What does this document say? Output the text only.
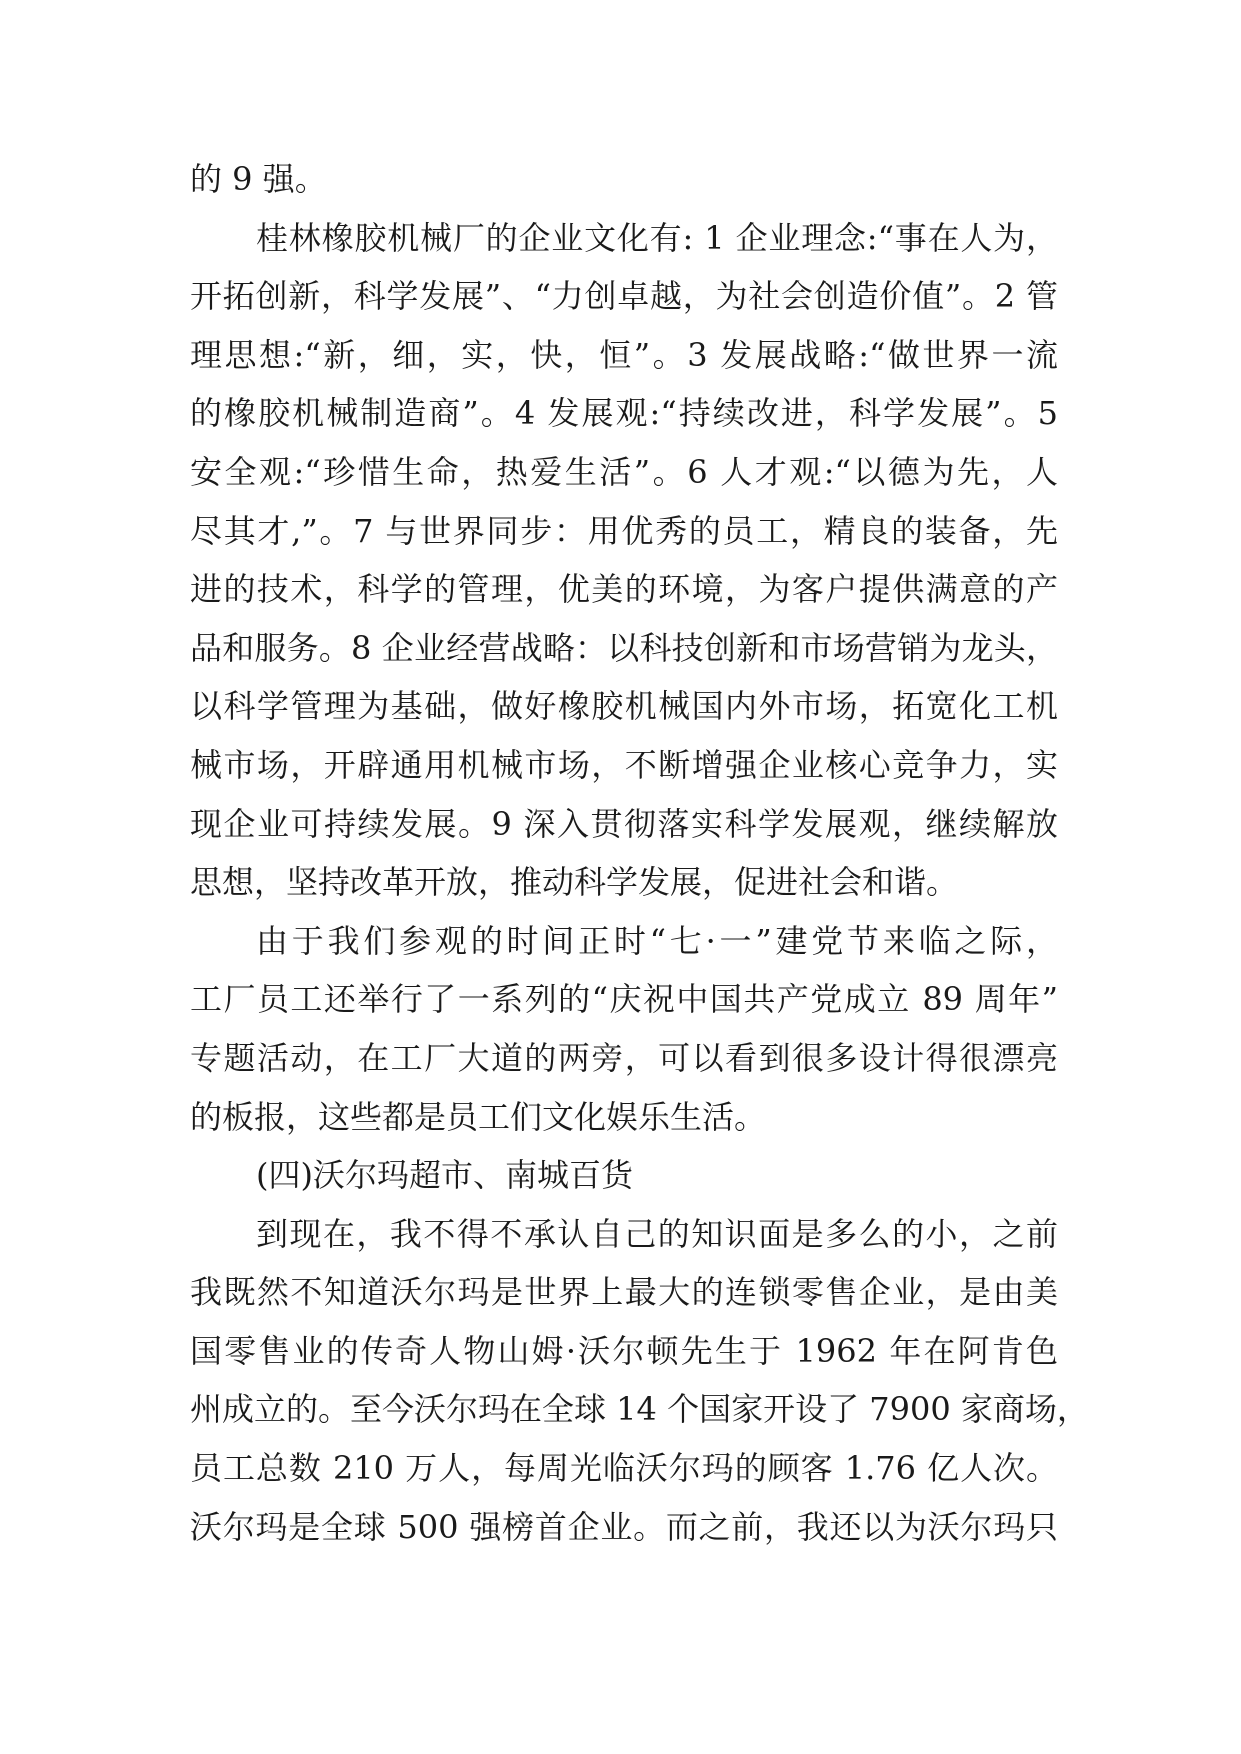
的 9 强。
桂林橡胶机械厂的企业文化有: 1 企业理念:“事在人为，
开拓创新，科学发展”、“力创卓越，为社会创造价值”。2 管
理思想:“新，细，实，快，恒”。3 发展战略:“做世界一流
的橡胶机械制造商”。4 发展观:“持续改进，科学发展”。5
安全观:“珍惜生命，热爱生活”。6 人才观:“以德为先，人
尽其才,”。7 与世界同步：用优秀的员工，精良的装备，先
进的技术，科学的管理，优美的环境，为客户提供满意的产
品和服务。8 企业经营战略：以科技创新和市场营销为龙头，
以科学管理为基础，做好橡胶机械国内外市场，拓宽化工机
械市场，开辟通用机械市场，不断增强企业核心竞争力，实
现企业可持续发展。9 深入贯彻落实科学发展观，继续解放
思想，坚持改革开放，推动科学发展，促进社会和谐。
由于我们参观的时间正时“七·一”建党节来临之际，
工厂员工还举行了一系列的“庆祝中国共产党成立 89 周年”
专题活动，在工厂大道的两旁，可以看到很多设计得很漂亮
的板报，这些都是员工们文化娱乐生活。
(四)沃尔玛超市、南城百货
到现在，我不得不承认自己的知识面是多么的小，之前
我既然不知道沃尔玛是世界上最大的连锁零售企业，是由美
国零售业的传奇人物山姆·沃尔顿先生于 1962 年在阿肯色
州成立的。至今沃尔玛在全球 14 个国家开设了 7900 家商场，
员工总数 210 万人，每周光临沃尔玛的顾客 1.76 亿人次。
沃尔玛是全球 500 强榜首企业。而之前，我还以为沃尔玛只
